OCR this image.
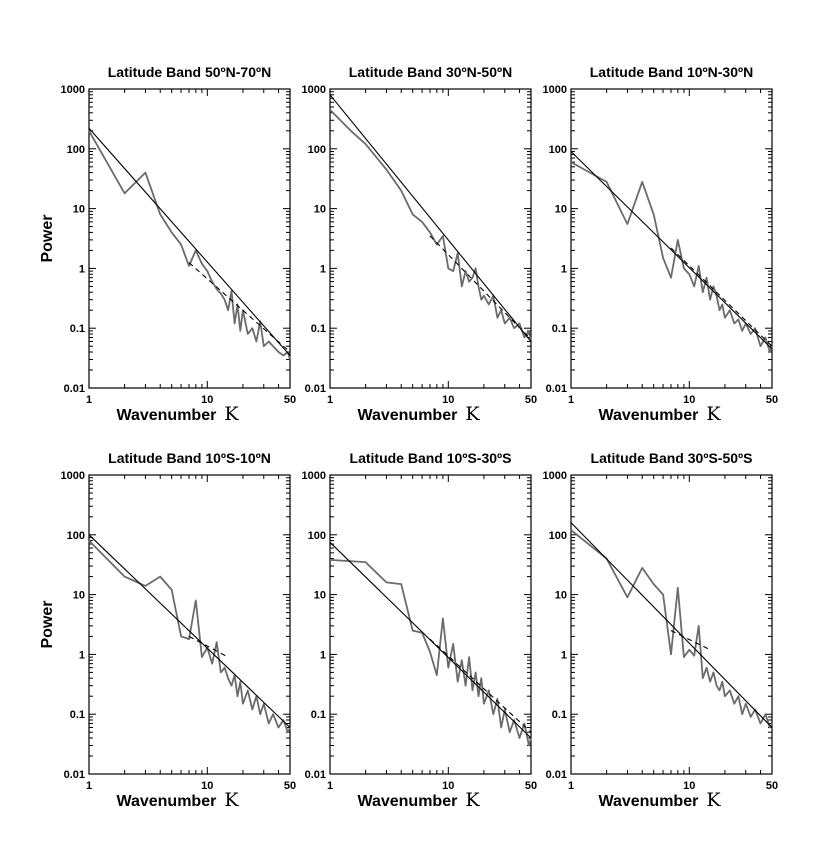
Latitude Band 50ºN-70ºN
0.01
0.1
1
10
100
1000
1	10	50
Wavenumber K
Power
Latitude Band 30ºN-50ºN
0.01
0.1
1
10
100
1000
1	10	50
Wavenumber K
Latitude Band 10ºN-30ºN
0.01
0.1
1
10
100
1000
1	10	50
Wavenumber K
Latitude Band 10ºS-10ºN
0.01
0.1
1
10
100
1000
1	10	50
Wavenumber K
Power
Latitude Band 10ºS-30ºS
0.01
0.1
1
10
100
1000
1	10	50
Wavenumber K
Latitude Band 30ºS-50ºS
0.01
0.1
1
10
100
1000
1	10	50
Wavenumber K
